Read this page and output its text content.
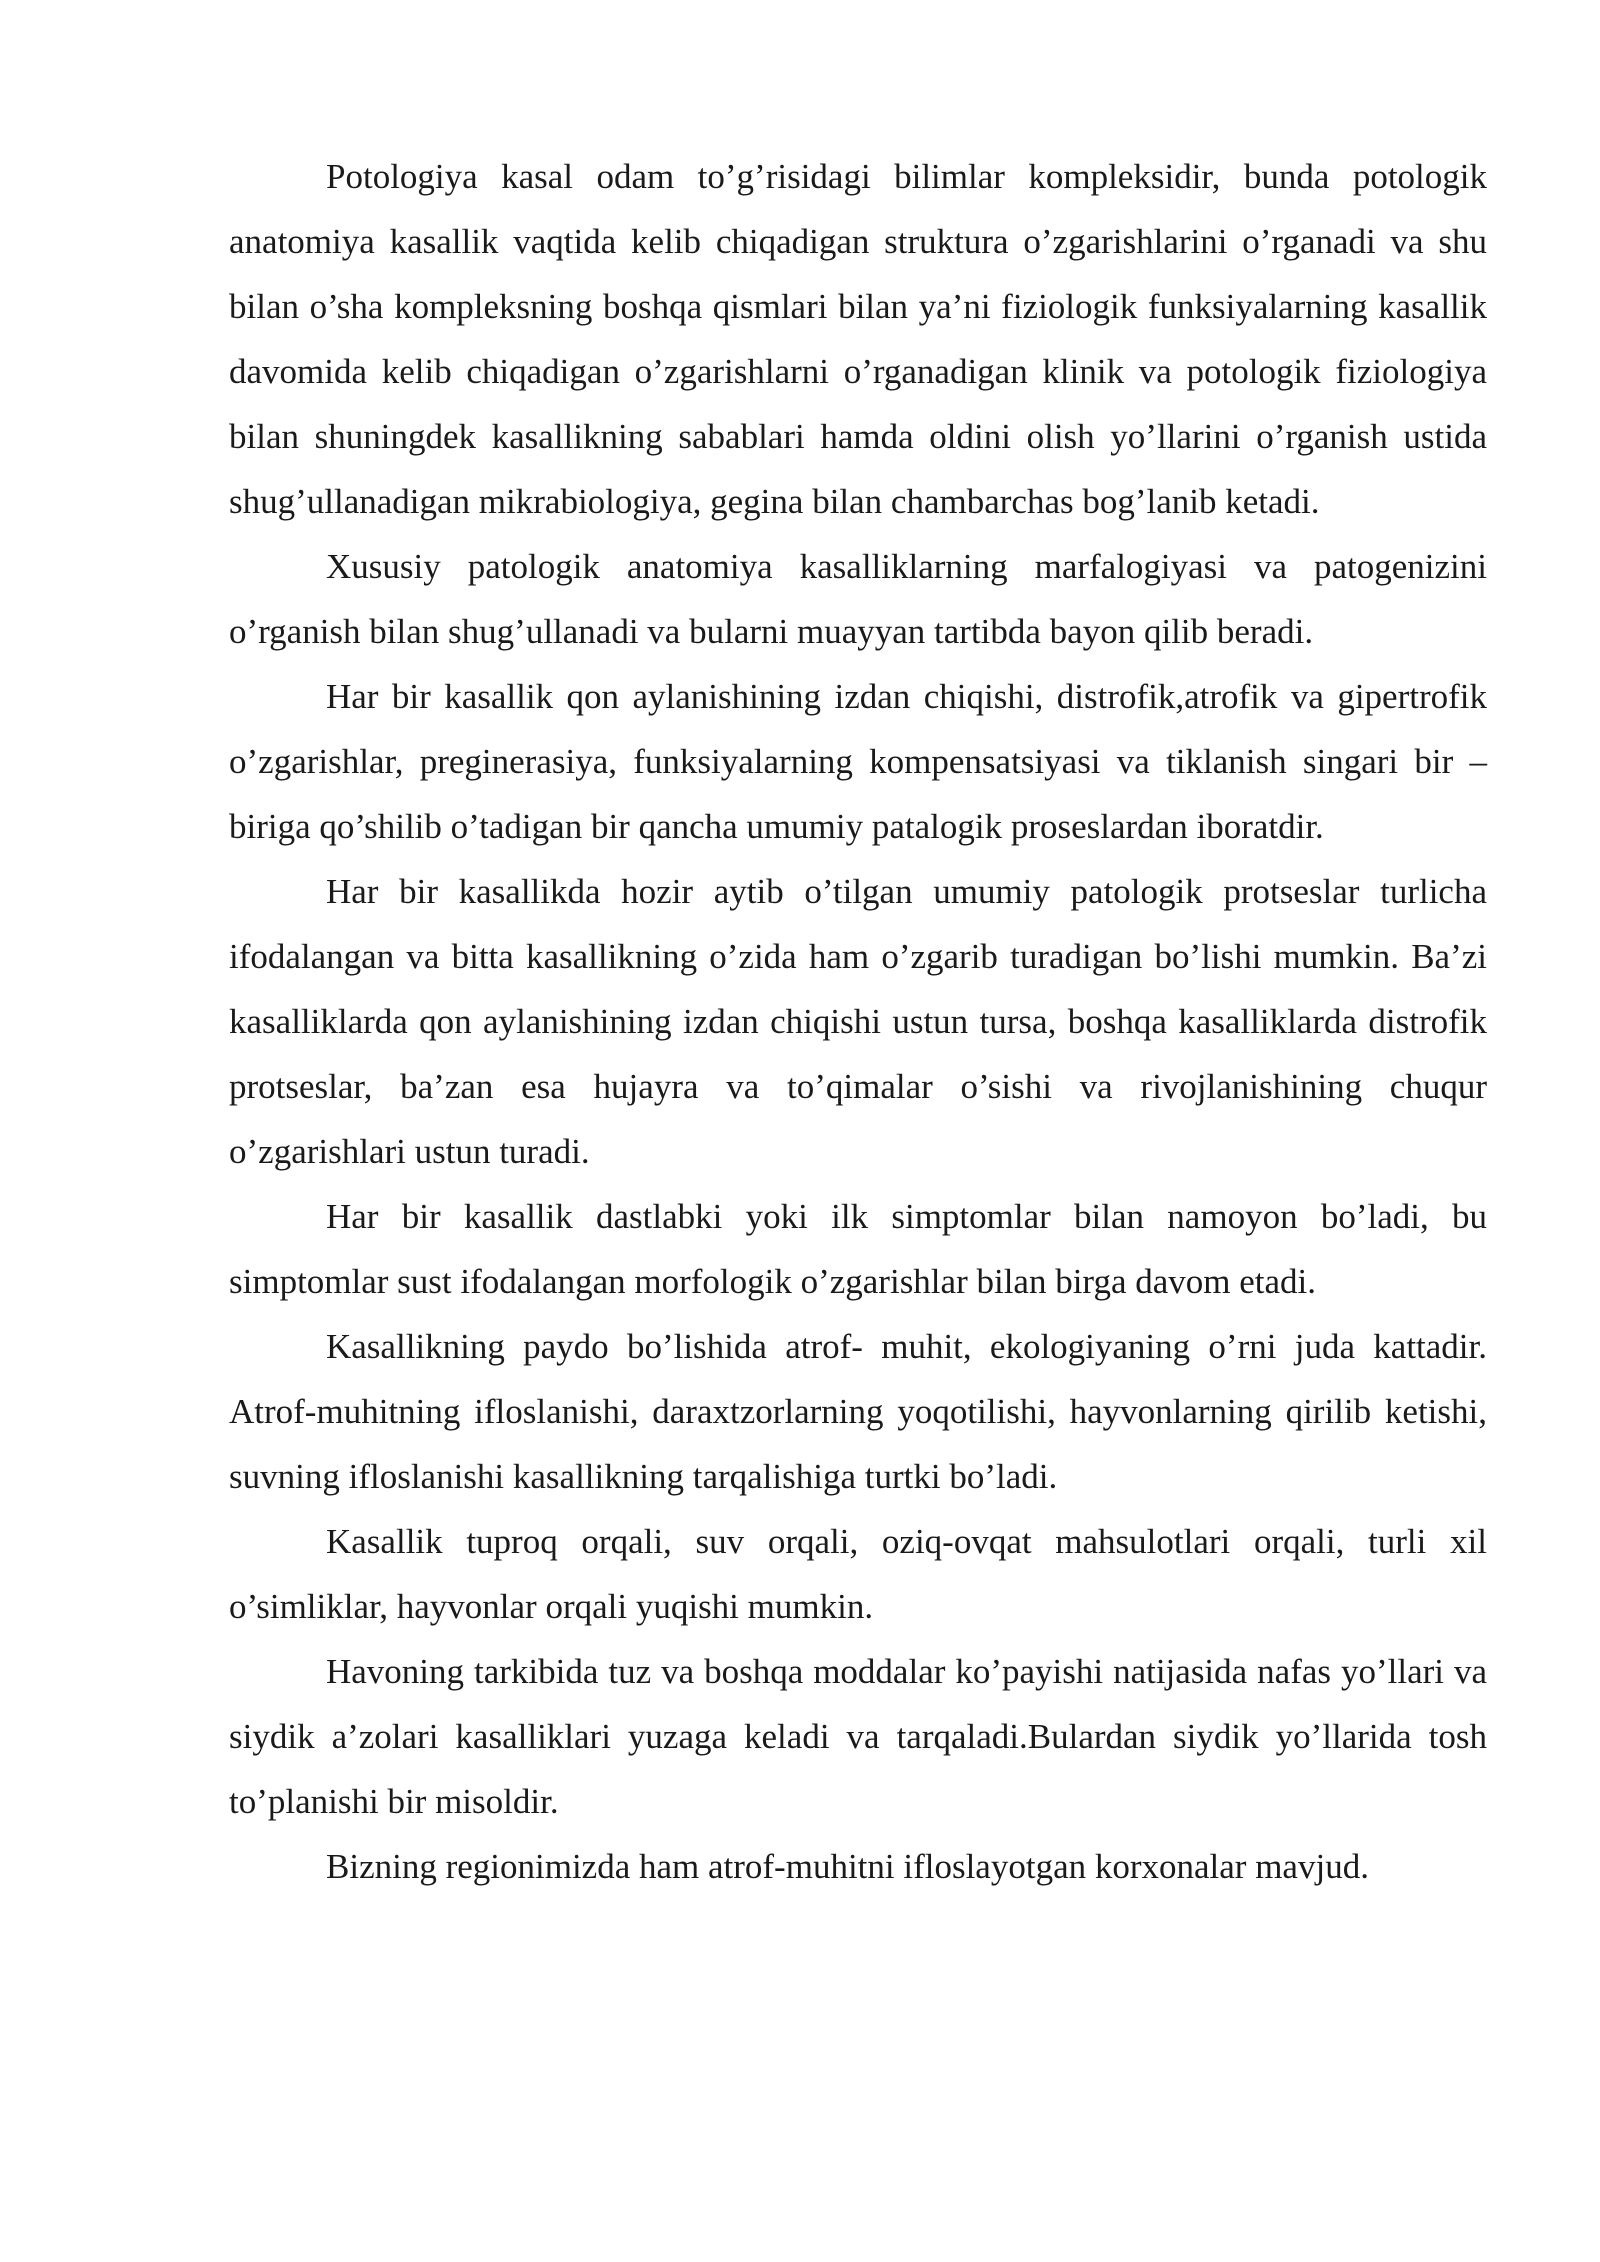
Potologiya kasal odam to’g’risidagi bilimlar kompleksidir, bunda potologik anatomiya kasallik vaqtida kelib chiqadigan struktura o’zgarishlarini o’rganadi va shu bilan o’sha kompleksning boshqa qismlari bilan ya’ni fiziologik funksiyalarning kasallik davomida kelib chiqadigan o’zgarishlarni o’rganadigan klinik va potologik fiziologiya bilan shuningdek kasallikning sabablari hamda oldini olish yo’llarini o’rganish ustida shug’ullanadigan mikrabiologiya, gegina bilan chambarchas bog’lanib ketadi.

Xususiy patologik anatomiya kasalliklarning marfalogiyasi va patogenizini o’rganish bilan shug’ullanadi va bularni muayyan tartibda bayon qilib beradi.

Har bir kasallik qon aylanishining izdan chiqishi, distrofik,atrofik va gipertrofik o’zgarishlar, preginerasiya, funksiyalarning kompensatsiyasi va tiklanish singari bir – biriga qo’shilib o’tadigan bir qancha umumiy patalogik proseslardan iboratdir.

Har bir kasallikda hozir aytib o’tilgan umumiy patologik protseslar turlicha ifodalangan va bitta kasallikning o’zida ham o’zgarib turadigan bo’lishi mumkin. Ba’zi kasalliklarda qon aylanishining izdan chiqishi ustun tursa, boshqa kasalliklarda distrofik protseslar, ba’zan esa hujayra va to’qimalar o’sishi va rivojlanishining chuqur o’zgarishlari ustun turadi.

Har bir kasallik dastlabki yoki ilk simptomlar bilan namoyon bo’ladi, bu simptomlar sust ifodalangan morfologik o’zgarishlar bilan birga davom etadi.

Kasallikning paydo bo’lishida atrof- muhit, ekologiyaning o’rni juda kattadir. Atrof-muhitning ifloslanishi, daraxtzorlarning yoqotilishi, hayvonlarning qirilib ketishi, suvning ifloslanishi kasallikning tarqalishiga turtki bo’ladi.

Kasallik tuproq orqali, suv orqali, oziq-ovqat mahsulotlari orqali, turli xil o’simliklar, hayvonlar orqali yuqishi mumkin.

Havoning tarkibida tuz va boshqa moddalar ko’payishi natijasida nafas yo’llari va siydik a’zolari kasalliklari yuzaga keladi va tarqaladi.Bulardan siydik yo’llarida tosh to’planishi bir misoldir.

Bizning regionimizda ham atrof-muhitni ifloslayotgan korxonalar mavjud.
